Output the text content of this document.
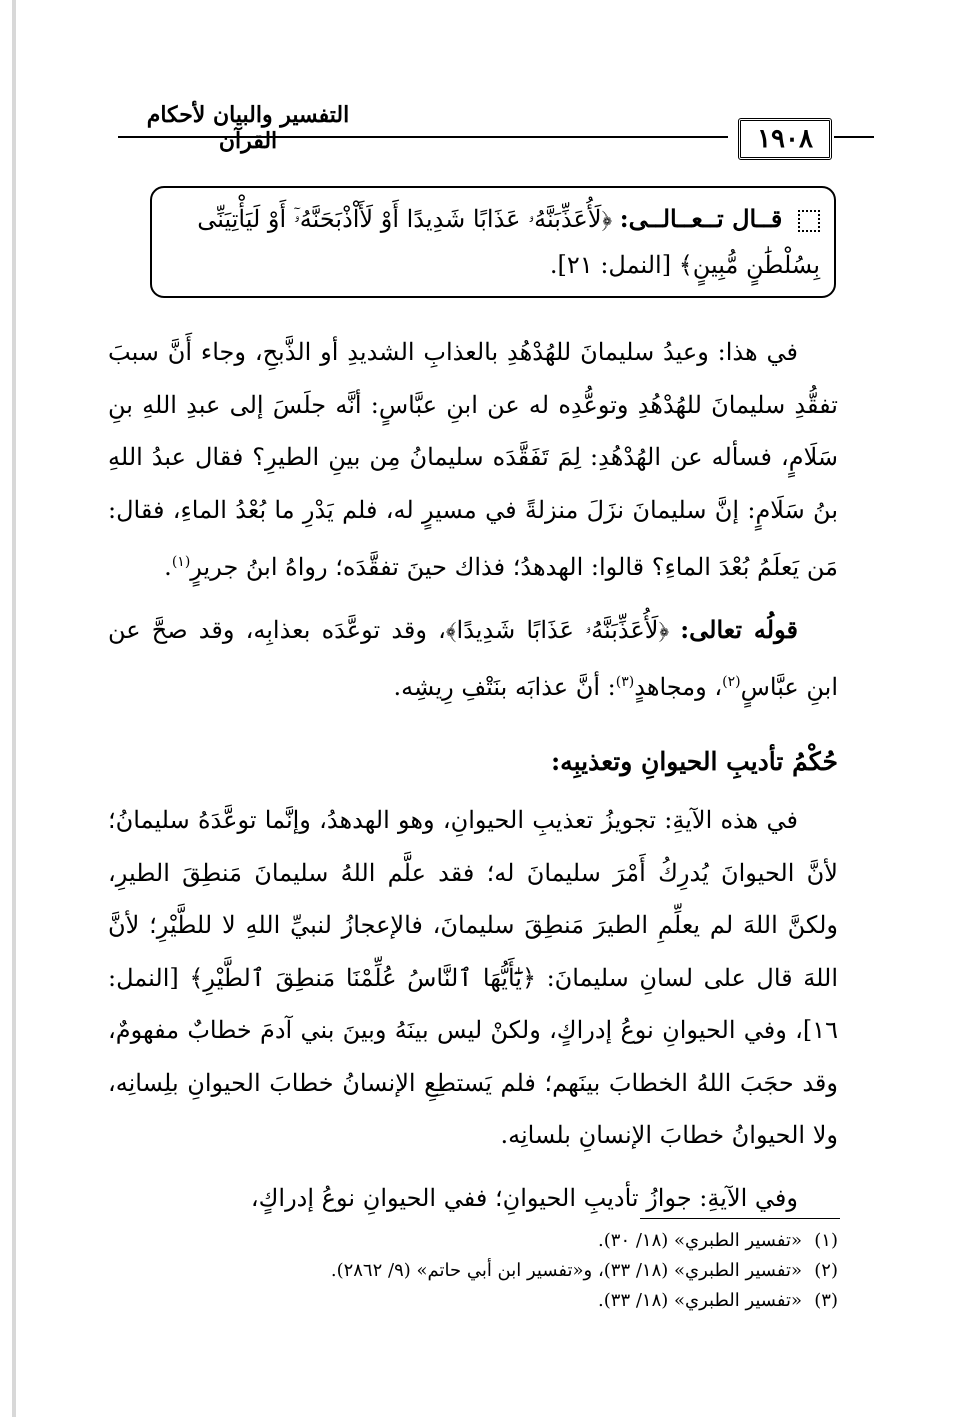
التفسير والبيان لأحكام القرآن	١٩٠٨
قــال تــعــالــى: ﴿لَأُعَذِّبَنَّهُۥ عَذَابًا شَدِيدًا أَوْ لَأَاْذْبَحَنَّهُۥٓ أَوْ لَيَأْتِيَنِّى
بِسُلْطَٰنٍ مُّبِينٍ﴾ [النمل: ٢١].

في هذا: وعيدُ سليمانَ للهُدْهُدِ بالعذابِ الشديدِ أو الذَّبحِ، وجاء أَنَّ سببَ تفقُّدِ سليمانَ للهُدْهُدِ وتوعُّدِه له عن ابنِ عبَّاسٍ: أنَّه جلَسَ إلى عبدِ اللهِ بنِ سَلَامٍ، فسأله عن الهُدْهُدِ: لِمَ تَفَقَّدَه سليمانُ مِن بينِ الطيرِ؟ فقال عبدُ اللهِ بنُ سَلَامٍ: إنَّ سليمانَ نزَلَ منزلةً في مسيرٍ له، فلم يَدْرِ ما بُعْدُ الماءِ، فقال: مَن يَعلَمُ بُعْدَ الماءِ؟ قالوا: الهدهدُ؛ فذاك حينَ تفقَّدَه؛ رواهُ ابنُ جريرٍ$^{(١)}$.

قولُه تعالى: ﴿لَأُعَذِّبَنَّهُۥ عَذَابًا شَدِيدًا﴾، وقد توعَّدَه بعذابِه، وقد صحَّ عن ابنِ عبَّاسٍ$^{(٢)}$، ومجاهدٍ$^{(٣)}$: أنَّ عذابَه بنَتْفِ رِيشِه.

حُكْمُ تأديبِ الحيوانِ وتعذيبِه:

في هذه الآيةِ: تجويزُ تعذيبِ الحيوانِ، وهو الهدهدُ، وإنَّما توعَّدَهُ سليمانُ؛ لأنَّ الحيوانَ يُدرِكُ أَمْرَ سليمانَ له؛ فقد علَّم اللهُ سليمانَ مَنطِقَ الطيرِ، ولكنَّ اللهَ لم يعلِّمِ الطيرَ مَنطِقَ سليمانَ، فالإعجازُ لنبيِّ اللهِ لا للطَّيْرِ؛ لأنَّ اللهَ قال على لسانِ سليمانَ: ﴿يَٰٓأَيُّهَا ٱلنَّاسُ عُلِّمْنَا مَنطِقَ ٱلطَّيْرِ﴾ [النمل: ١٦]، وفي الحيوانِ نوعُ إدراكٍ، ولكنْ ليس بينَهُ وبينَ بني آدمَ خطابٌ مفهومٌ، وقد حجَبَ اللهُ الخطابَ بينَهم؛ فلم يَستطِعِ الإنسانُ خطابَ الحيوانِ بلِسانِه، ولا الحيوانُ خطابَ الإنسانِ بلسانِه.

وفي الآيةِ: جوازُ تأديبِ الحيوانِ؛ ففي الحيوانِ نوعُ إدراكٍ،

(١)«تفسير الطبري» (١٨/ ٣٠).

(٢)«تفسير الطبري» (١٨/ ٣٣)، و«تفسير ابن أبي حاتم» (٩/ ٢٨٦٢).

(٣)«تفسير الطبري» (١٨/ ٣٣).
